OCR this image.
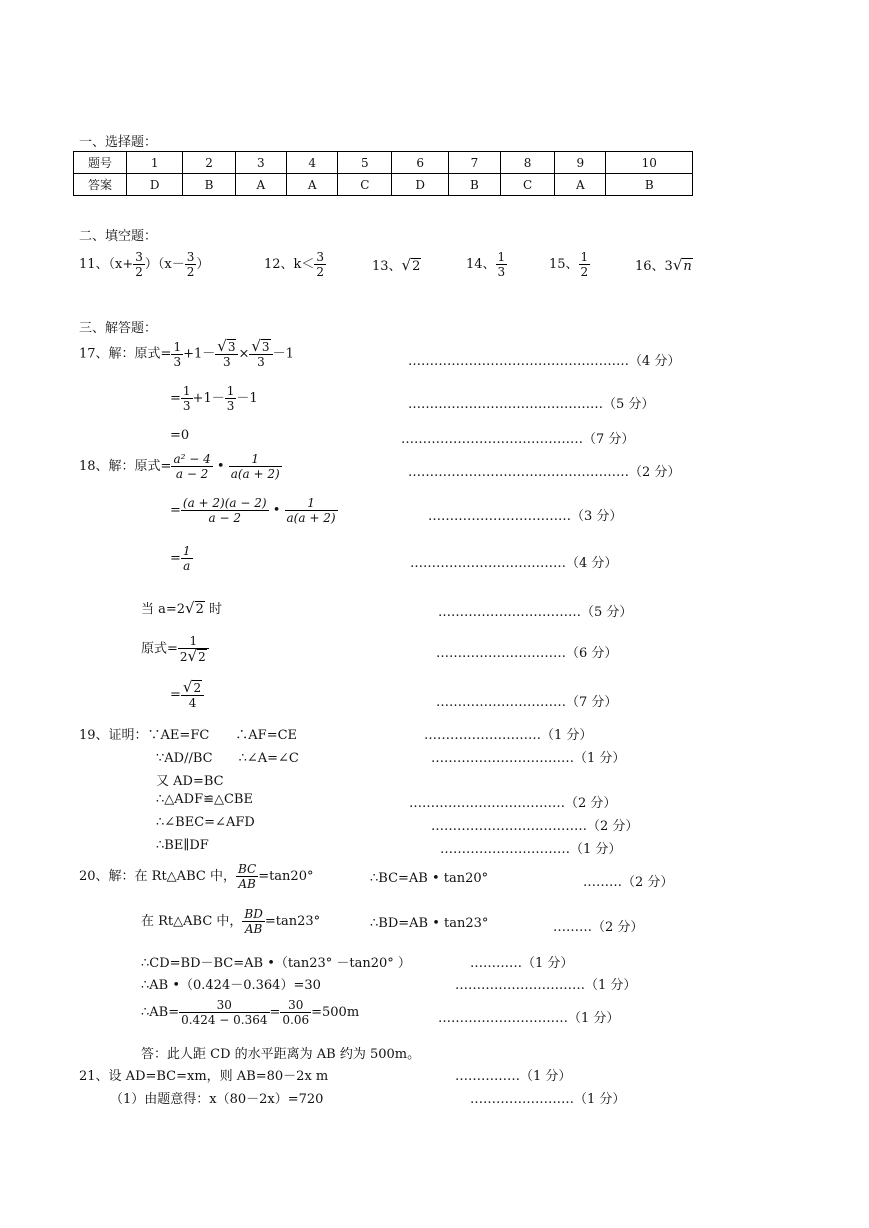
一、选择题：
题号	1	2	3	4	5	6	7	8	9	10
答案	D	B	A	A	C	D	B	C	A	B
二、填空题：
11、$(x+ \frac{3}{2} )(x- \frac{3}{2}$ ）	12、$k< \frac{3}{2}$	13、√2	14、 $\frac{1}{3}$	15、 $\frac{1}{2}$	16、3√n
三、解答题：
17、解：原式= $\frac{1}{3} +1- \frac{√3}{3} \times \frac{√3}{3} -1$	……………………………………………（4 分）
= $\frac{1}{3} +1- \frac{1}{3} -1$	………………………………………（5 分）
=0	……………………………………（7 分）
18、解：原式= $\frac{\text{a² − 4}}{a - 2}$ • $\frac{1}{a(a + 2)}$	……………………………………………（2 分）
= $\frac{(a + 2)(a - 2)}{a - 2}$ • $\frac{1}{a(a + 2)}$	……………………………（3 分）
= $\frac{1}{a}$	………………………………（4 分）
当 a=2√2 时	……………………………（5 分）
原式= $\frac{1}{2√2}$	…………………………（6 分）
= $\frac{√2}{4}$	…………………………（7 分）
19、证明：∵AE=FC　　∴AF=CE	………………………（1 分）
∵AD//BC　　∴∠A=∠C	……………………………（1 分）
又 AD=BC
∴△ADF≌△CBE	………………………………（2 分）
∴∠BEC=∠AFD	………………………………（2 分）
∴BE∥DF	…………………………（1 分）
20、解：在 Rt△ABC 中， $\frac{BC}{AB} =\tan 20^\circ$	∴BC=AB • tan20°	………（2 分）
在 Rt△ABC 中， $\frac{BD}{AB} =\tan 23^\circ$	∴BD=AB • tan23°	………（2 分）
∴CD=BD－BC=AB •（tan23° －tan20° ）	…………（1 分）
∴AB •（0.424－0.364）=30	…………………………（1 分）
∴AB= $\frac{30}{0.424 - 0.364} = \frac{30}{0.06} =500m$	…………………………（1 分）
答：此人距 CD 的水平距离为 AB 约为 500m。
21、设 AD=BC=xm，则 AB=80－2x m	……………（1 分）
（1）由题意得：x（80－2x）=720	……………………（1 分）
